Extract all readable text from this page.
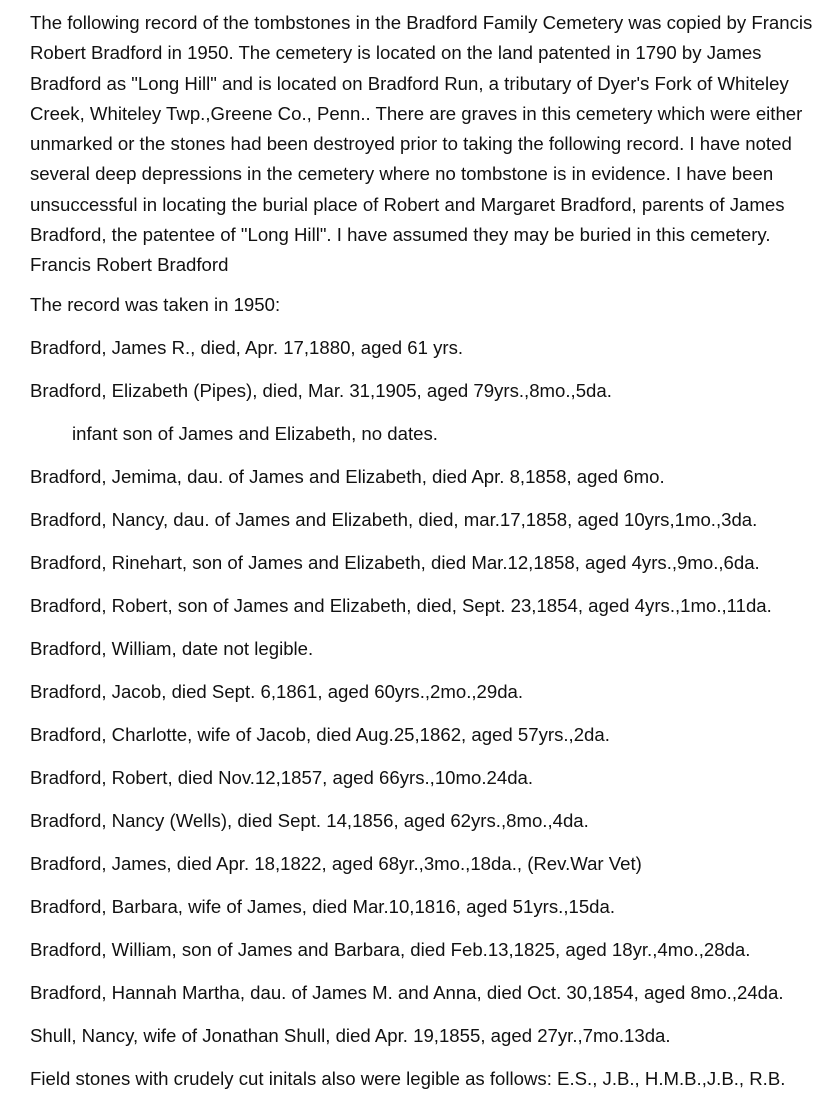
The following record of the tombstones in the Bradford Family Cemetery was copied by Francis Robert Bradford in 1950. The cemetery is located on the land patented in 1790 by James Bradford as "Long Hill" and is located on Bradford Run, a tributary of Dyer's Fork of Whiteley Creek, Whiteley Twp.,Greene Co., Penn.. There are graves in this cemetery which were either unmarked or the stones had been destroyed prior to taking the following record. I have noted several deep depressions in the cemetery where no tombstone is in evidence. I have been unsuccessful in locating the burial place of Robert and Margaret Bradford, parents of James Bradford, the patentee of "Long Hill". I have assumed they may be buried in this cemetery. Francis Robert Bradford

The record was taken in 1950:

Bradford, James R., died, Apr. 17,1880, aged 61 yrs.
Bradford, Elizabeth (Pipes), died, Mar. 31,1905, aged 79yrs.,8mo.,5da.
infant son of James and Elizabeth, no dates.
Bradford, Jemima, dau. of James and Elizabeth, died Apr. 8,1858, aged 6mo.
Bradford, Nancy, dau. of James and Elizabeth, died, mar.17,1858, aged 10yrs,1mo.,3da.
Bradford, Rinehart, son of James and Elizabeth, died Mar.12,1858, aged 4yrs.,9mo.,6da.
Bradford, Robert, son of James and Elizabeth, died, Sept. 23,1854, aged 4yrs.,1mo.,11da.
Bradford, William, date not legible.
Bradford, Jacob, died Sept. 6,1861, aged 60yrs.,2mo.,29da.
Bradford, Charlotte, wife of Jacob, died Aug.25,1862, aged 57yrs.,2da.
Bradford, Robert, died Nov.12,1857, aged 66yrs.,10mo.24da.
Bradford, Nancy (Wells), died Sept. 14,1856, aged 62yrs.,8mo.,4da.
Bradford, James, died Apr. 18,1822, aged 68yr.,3mo.,18da., (Rev.War Vet)
Bradford, Barbara, wife of James, died Mar.10,1816, aged 51yrs.,15da.
Bradford, William, son of James and Barbara, died Feb.13,1825, aged 18yr.,4mo.,28da.
Bradford, Hannah Martha, dau. of James M. and Anna, died Oct. 30,1854, aged 8mo.,24da.
Shull, Nancy, wife of Jonathan Shull, died Apr. 19,1855, aged 27yr.,7mo.13da.

Field stones with crudely cut initals also were legible as follows: E.S., J.B., H.M.B.,J.B., R.B.
